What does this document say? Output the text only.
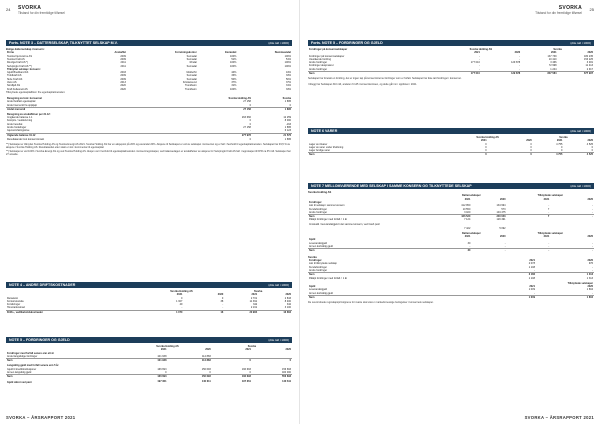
24 SVORKA
Tilstand for din fremtidige tilførsel
Forts. NOTE 3 – DATTERSELSKAP, TILKNYTTET SELSKAP M.V.	(Alle tall i 1000)
Bolige datterselskap i konsern:
Firma	Anskaffet	Forretningskontor	Eierandel	Stemmeandel
Svorka Fjernvarme AS	2009	Surnadal	100%	100%
Svorka Kraft AS	2009	Surnadal	51%	51%
Rovdga Kraft AS *)	2011	Rindal	100%	100%
Selvpinglo Kraft AS **)	2011	Surnadal	100%	100%
Tilknyttet selskap i konsern:				
Gjuld Bredband AS	2003	Molde/Nr	44%	44%
Troldkraft AS	2009	Surnadal	33%	33%
Sivle Kraft AS	2009	Surnadal	50%	50%
Vann AS	2013	Kristiansund	37%	37%
Nordfjell AS	2020	Trondheim	31%	31%
Kraft Fellesnett AS	2020	Trondheim	100%	33%
Tilknyttede egenkapitalflow i fire egenkapitalmetoden:
Beregning av bok i konsernet	Svorka Holding AS	Svorka
Andel bokført egenkapital	27 158	1 895
Andel merverdi fra oppkjøp	0	0
Andel merverdi	27 158	1 895
Beregning av anskaffelser per 31.12:		
Inngående balanse 1.1	263 666	12 259
Kostpris / nedskrivning	0	8 000
Andel resultat	0	-163
Andre fordelinger	27 158	1 895
Gjennomføringslove	-	6 123
Utgående balanse 31.12	277 978	21 576
Resultatandel mot konserninntekt	0	1 895
**) Selskapet er tilknyttet Svorka Holding AS og Svorka Energi AS 2021. Svorka Holding AS har en aksjepost på 20% og eierandel 20%. Aksjene til Selskapet er eid av selskapet i konsernet og er ført i henhold til egenkapitalmetoden. Selskapet har 49,5 % av aksjene i Svorka Holding AS. Resultatandel etter skatt er vist i kommentar til egenkapital.
**) Selskapet er eid 100% i Svorka Energi AS og ved Svorka Holding AS. Aksjen var i henhold til egenkapitalmetoden i konsernregnskapet, ved balansedagen er anskaffelser av aksjene for Selvpinglo Kraft AS ført i regnskapet til KPR ca 35 mill. Selskapet har 27 ansatte.
NOTE 4 – ANDRE DRIFTSKOSTNADER	(Alle tall i 1000)
	Svorka Holding AS		Svorka	
	2021	2020	2021	2020
Reisekost	0	0	2 701	2 843
Kontorrekvisita	1 307	38	11 391	8 400
Forsikringer	49	-	342	342
Honorarkostnad	-	-	2 161	3 100
Drifts-, vedlikeholdskostnader	1 070	16	20 984	16 684
NOTE 5 – FORDRINGER OG GJELD	(Alle tall i 1000)
	Svorka Holding AS		Svorka	
	2021	2020	2021	2020
Fordringer med forfall senere enn ett år				
Andel langsiktige fordringer	101 938	114 883		
Sum	101 938	114 883	0	0
Langsiktig gjeld med forfall senere enn 5 år				
Gjeld til kredittinstitusjoner	166 693	156 693	166 693	156 693
Annen langsiktig gjeld	0	0	0	400 000
Sum	166 693	156 693	166 693	556 693
Gjeld sikret ved pant	197 361	140 611	197 361	140 611
SVORKA – ÅRSRAPPORT 2021
SVORKA
Tilstand for din fremtidige tilførsel
25
Forts. NOTE 5 – FORDRINGER OG GJELD	(Alle tall i 1000)
Fordringer på konsernselskaper	Svorka Holding AS		Svorka	
	2021	2020	2021	2020
Fordringer på konsernselskaper	-	-	137 739	180 235
Utestående fordring	-	-	10 410	153 225
Andre fordringer	177 010	129 878	3 466	3 481
Fordringer aksjonærer	-	-	72 998	11 413
Andre fordringer	-	-	1 244	2 917
Sum	177 010	129 878	847 584	677 997
Selskapet har foretatt en fordring, det er ingen tap på konserninterne fordringer som er forfalt. Selskapet har ikke tatt fordringer i konsernet.
I tillegg har Selskapet 310 mill, andelen 6 145 i konsernkontoen, og dette går inn i opplisten i 2021.
NOTE 6 VARER	(Alle tall i 1000)
	Svorka Holding AS		Svorka	
	2021	2020	2021	2020
Lager av råvarer	0	0	4 755	4 525
Lager av varer under tilvirkning	0	0	0	0
Lager ferdige varer	0	0	0	0
Sum	0	0	4 755	4 525
NOTE 7 MELLOMVÆRENDE MED SELSKAP I SAMME KONSERN OG TILKNYTTEDE SELSKAP	(Alle tall i 1000)
Svorka Holding AS
	Datterselskaper		Tilknyttede selskaper	
	2021	2020	2021	2020
Fordringer				
Lån til selskap i samme konsern	412 950	134 994	-	-
Kundefordringer	10 550	573	7	-
Andre fordringer	3 020	104 475	-	-
Sum	426 520	240 043	7	-
Påløpt fordringer med forfall < 1 år	7 124	129 491		
Innskudd / leverandørgjeld i det samme konsern, ved Cash pool				
	7 422	5 092		
	Datterselskaper		Tilknyttede selskaper	
	2021	2020	2021	2020
Gjeld				
Leverandørgjeld	30	-	-	-
Annen kortsiktig gjeld	-	-	-	-
Sum	30	-	-	-
Svorka
Fordringer	2021	2020
Lån til tilknyttede selskap	2 078	976
Kundefordringer	1 108	-
Andre fordringer	-	-
Sum	3 186	1 313
Påløpt fordringer med forfall < 1 år	1 108	1 313
	Tilknyttede selskaper	
Gjeld	2021	2020
Leverandørgjeld	1 009	1 804
Annen kortsiktig gjeld	-	-
Sum	1 009	1 804
De overordnede regnskapsprinsippene for svarte skal være i markedsmessige betingelser i konsernets selskaper.
SVORKA – ÅRSRAPPORT 2021
